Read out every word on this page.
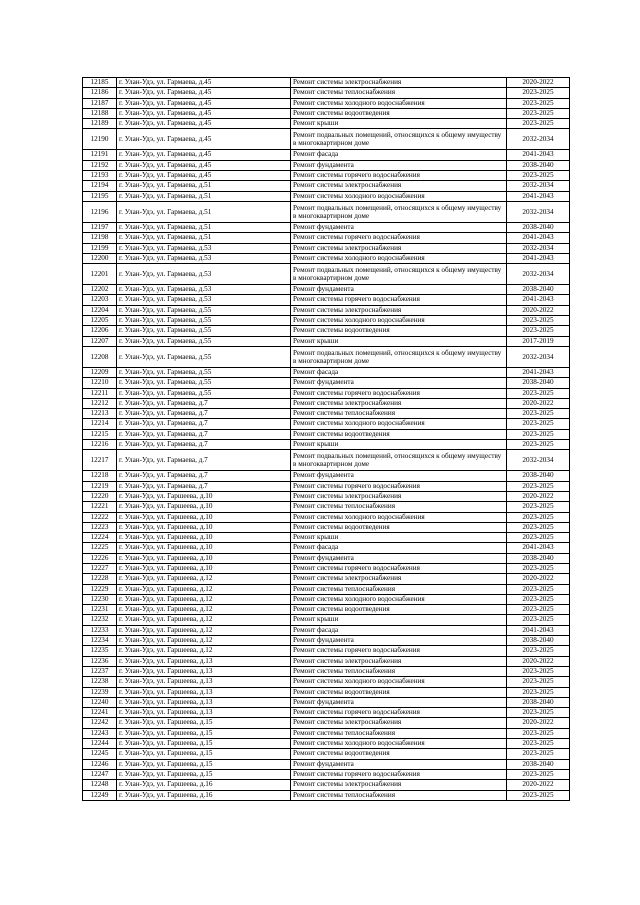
12185	г. Улан-Удэ, ул. Гармаева, д.45	Ремонт системы электроснабжения	2020-2022
12186	г. Улан-Удэ, ул. Гармаева, д.45	Ремонт системы теплоснабжения	2023-2025
12187	г. Улан-Удэ, ул. Гармаева, д.45	Ремонт системы холодного водоснабжения	2023-2025
12188	г. Улан-Удэ, ул. Гармаева, д.45	Ремонт системы водоотведения	2023-2025
12189	г. Улан-Удэ, ул. Гармаева, д.45	Ремонт крыши	2023-2025
12190	г. Улан-Удэ, ул. Гармаева, д.45	Ремонт подвальных помещений, относящихся к общему имуществу в многоквартирном доме	2032-2034
12191	г. Улан-Удэ, ул. Гармаева, д.45	Ремонт фасада	2041-2043
12192	г. Улан-Удэ, ул. Гармаева, д.45	Ремонт фундамента	2038-2040
12193	г. Улан-Удэ, ул. Гармаева, д.45	Ремонт системы горячего водоснабжения	2023-2025
12194	г. Улан-Удэ, ул. Гармаева, д.51	Ремонт системы электроснабжения	2032-2034
12195	г. Улан-Удэ, ул. Гармаева, д.51	Ремонт системы холодного водоснабжения	2041-2043
12196	г. Улан-Удэ, ул. Гармаева, д.51	Ремонт подвальных помещений, относящихся к общему имуществу в многоквартирном доме	2032-2034
12197	г. Улан-Удэ, ул. Гармаева, д.51	Ремонт фундамента	2038-2040
12198	г. Улан-Удэ, ул. Гармаева, д.51	Ремонт системы горячего водоснабжения	2041-2043
12199	г. Улан-Удэ, ул. Гармаева, д.53	Ремонт системы электроснабжения	2032-2034
12200	г. Улан-Удэ, ул. Гармаева, д.53	Ремонт системы холодного водоснабжения	2041-2043
12201	г. Улан-Удэ, ул. Гармаева, д.53	Ремонт подвальных помещений, относящихся к общему имуществу в многоквартирном доме	2032-2034
12202	г. Улан-Удэ, ул. Гармаева, д.53	Ремонт фундамента	2038-2040
12203	г. Улан-Удэ, ул. Гармаева, д.53	Ремонт системы горячего водоснабжения	2041-2043
12204	г. Улан-Удэ, ул. Гармаева, д.55	Ремонт системы электроснабжения	2020-2022
12205	г. Улан-Удэ, ул. Гармаева, д.55	Ремонт системы холодного водоснабжения	2023-2025
12206	г. Улан-Удэ, ул. Гармаева, д.55	Ремонт системы водоотведения	2023-2025
12207	г. Улан-Удэ, ул. Гармаева, д.55	Ремонт крыши	2017-2019
12208	г. Улан-Удэ, ул. Гармаева, д.55	Ремонт подвальных помещений, относящихся к общему имуществу в многоквартирном доме	2032-2034
12209	г. Улан-Удэ, ул. Гармаева, д.55	Ремонт фасада	2041-2043
12210	г. Улан-Удэ, ул. Гармаева, д.55	Ремонт фундамента	2038-2040
12211	г. Улан-Удэ, ул. Гармаева, д.55	Ремонт системы горячего водоснабжения	2023-2025
12212	г. Улан-Удэ, ул. Гармаева, д.7	Ремонт системы электроснабжения	2020-2022
12213	г. Улан-Удэ, ул. Гармаева, д.7	Ремонт системы теплоснабжения	2023-2025
12214	г. Улан-Удэ, ул. Гармаева, д.7	Ремонт системы холодного водоснабжения	2023-2025
12215	г. Улан-Удэ, ул. Гармаева, д.7	Ремонт системы водоотведения	2023-2025
12216	г. Улан-Удэ, ул. Гармаева, д.7	Ремонт крыши	2023-2025
12217	г. Улан-Удэ, ул. Гармаева, д.7	Ремонт подвальных помещений, относящихся к общему имуществу в многоквартирном доме	2032-2034
12218	г. Улан-Удэ, ул. Гармаева, д.7	Ремонт фундамента	2038-2040
12219	г. Улан-Удэ, ул. Гармаева, д.7	Ремонт системы горячего водоснабжения	2023-2025
12220	г. Улан-Удэ, ул. Гаршеева, д.10	Ремонт системы электроснабжения	2020-2022
12221	г. Улан-Удэ, ул. Гаршеева, д.10	Ремонт системы теплоснабжения	2023-2025
12222	г. Улан-Удэ, ул. Гаршеева, д.10	Ремонт системы холодного водоснабжения	2023-2025
12223	г. Улан-Удэ, ул. Гаршеева, д.10	Ремонт системы водоотведения	2023-2025
12224	г. Улан-Удэ, ул. Гаршеева, д.10	Ремонт крыши	2023-2025
12225	г. Улан-Удэ, ул. Гаршеева, д.10	Ремонт фасада	2041-2043
12226	г. Улан-Удэ, ул. Гаршеева, д.10	Ремонт фундамента	2038-2040
12227	г. Улан-Удэ, ул. Гаршеева, д.10	Ремонт системы горячего водоснабжения	2023-2025
12228	г. Улан-Удэ, ул. Гаршеева, д.12	Ремонт системы электроснабжения	2020-2022
12229	г. Улан-Удэ, ул. Гаршеева, д.12	Ремонт системы теплоснабжения	2023-2025
12230	г. Улан-Удэ, ул. Гаршеева, д.12	Ремонт системы холодного водоснабжения	2023-2025
12231	г. Улан-Удэ, ул. Гаршеева, д.12	Ремонт системы водоотведения	2023-2025
12232	г. Улан-Удэ, ул. Гаршеева, д.12	Ремонт крыши	2023-2025
12233	г. Улан-Удэ, ул. Гаршеева, д.12	Ремонт фасада	2041-2043
12234	г. Улан-Удэ, ул. Гаршеева, д.12	Ремонт фундамента	2038-2040
12235	г. Улан-Удэ, ул. Гаршеева, д.12	Ремонт системы горячего водоснабжения	2023-2025
12236	г. Улан-Удэ, ул. Гаршеева, д.13	Ремонт системы электроснабжения	2020-2022
12237	г. Улан-Удэ, ул. Гаршеева, д.13	Ремонт системы теплоснабжения	2023-2025
12238	г. Улан-Удэ, ул. Гаршеева, д.13	Ремонт системы холодного водоснабжения	2023-2025
12239	г. Улан-Удэ, ул. Гаршеева, д.13	Ремонт системы водоотведения	2023-2025
12240	г. Улан-Удэ, ул. Гаршеева, д.13	Ремонт фундамента	2038-2040
12241	г. Улан-Удэ, ул. Гаршеева, д.13	Ремонт системы горячего водоснабжения	2023-2025
12242	г. Улан-Удэ, ул. Гаршеева, д.15	Ремонт системы электроснабжения	2020-2022
12243	г. Улан-Удэ, ул. Гаршеева, д.15	Ремонт системы теплоснабжения	2023-2025
12244	г. Улан-Удэ, ул. Гаршеева, д.15	Ремонт системы холодного водоснабжения	2023-2025
12245	г. Улан-Удэ, ул. Гаршеева, д.15	Ремонт системы водоотведения	2023-2025
12246	г. Улан-Удэ, ул. Гаршеева, д.15	Ремонт фундамента	2038-2040
12247	г. Улан-Удэ, ул. Гаршеева, д.15	Ремонт системы горячего водоснабжения	2023-2025
12248	г. Улан-Удэ, ул. Гаршеева, д.16	Ремонт системы электроснабжения	2020-2022
12249	г. Улан-Удэ, ул. Гаршеева, д.16	Ремонт системы теплоснабжения	2023-2025
